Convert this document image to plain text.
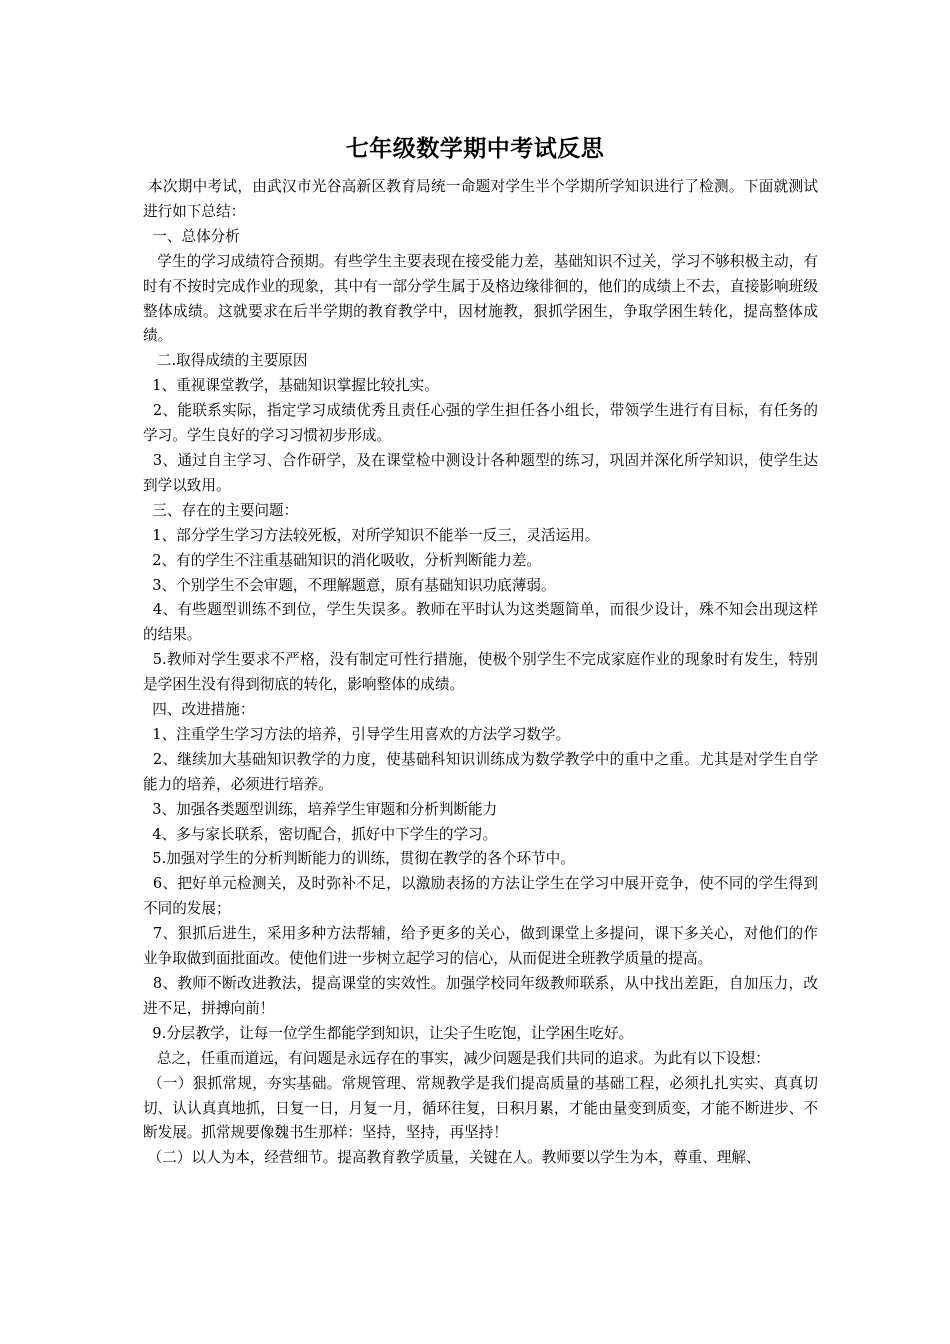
七年级数学期中考试反思

本次期中考试，由武汉市光谷高新区教育局统一命题对学生半个学期所学知识进行了检测。下面就测试进行如下总结：

一、总体分析

学生的学习成绩符合预期。有些学生主要表现在接受能力差，基础知识不过关，学习不够积极主动，有时有不按时完成作业的现象，其中有一部分学生属于及格边缘徘徊的，他们的成绩上不去，直接影响班级整体成绩。这就要求在后半学期的教育教学中，因材施教，狠抓学困生，争取学困生转化，提高整体成绩。

二.取得成绩的主要原因

1、重视课堂教学，基础知识掌握比较扎实。

2、能联系实际，指定学习成绩优秀且责任心强的学生担任各小组长，带领学生进行有目标，有任务的学习。学生良好的学习习惯初步形成。

3、通过自主学习、合作研学，及在课堂检中测设计各种题型的练习，巩固并深化所学知识，使学生达到学以致用。

三、存在的主要问题：

1、部分学生学习方法较死板，对所学知识不能举一反三，灵活运用。

2、有的学生不注重基础知识的消化吸收，分析判断能力差。

3、个别学生不会审题，不理解题意，原有基础知识功底薄弱。

4、有些题型训练不到位，学生失误多。教师在平时认为这类题简单，而很少设计，殊不知会出现这样的结果。

5.教师对学生要求不严格，没有制定可性行措施，使极个别学生不完成家庭作业的现象时有发生，特别是学困生没有得到彻底的转化，影响整体的成绩。

四、改进措施：

1、注重学生学习方法的培养，引导学生用喜欢的方法学习数学。

2、继续加大基础知识教学的力度，使基础科知识训练成为数学教学中的重中之重。尤其是对学生自学能力的培养，必须进行培养。

3、加强各类题型训练，培养学生审题和分析判断能力

4、多与家长联系，密切配合，抓好中下学生的学习。

5.加强对学生的分析判断能力的训练，贯彻在教学的各个环节中。

6、把好单元检测关，及时弥补不足，以激励表扬的方法让学生在学习中展开竞争，使不同的学生得到不同的发展；

7、狠抓后进生，采用多种方法帮辅，给予更多的关心，做到课堂上多提问，课下多关心，对他们的作业争取做到面批面改。使他们进一步树立起学习的信心，从而促进全班教学质量的提高。

8、教师不断改进教法，提高课堂的实效性。加强学校同年级教师联系，从中找出差距，自加压力，改进不足，拼搏向前！

9.分层教学，让每一位学生都能学到知识，让尖子生吃饱，让学困生吃好。

总之，任重而道远，有问题是永远存在的事实，减少问题是我们共同的追求。为此有以下设想：

（一）狠抓常规，夯实基础。常规管理、常规教学是我们提高质量的基础工程，必须扎扎实实、真真切切、认认真真地抓，日复一日，月复一月，循环往复，日积月累，才能由量变到质变，才能不断进步、不断发展。抓常规要像魏书生那样：坚持，坚持，再坚持！

（二）以人为本，经营细节。提高教育教学质量，关键在人。教师要以学生为本，尊重、理解、
